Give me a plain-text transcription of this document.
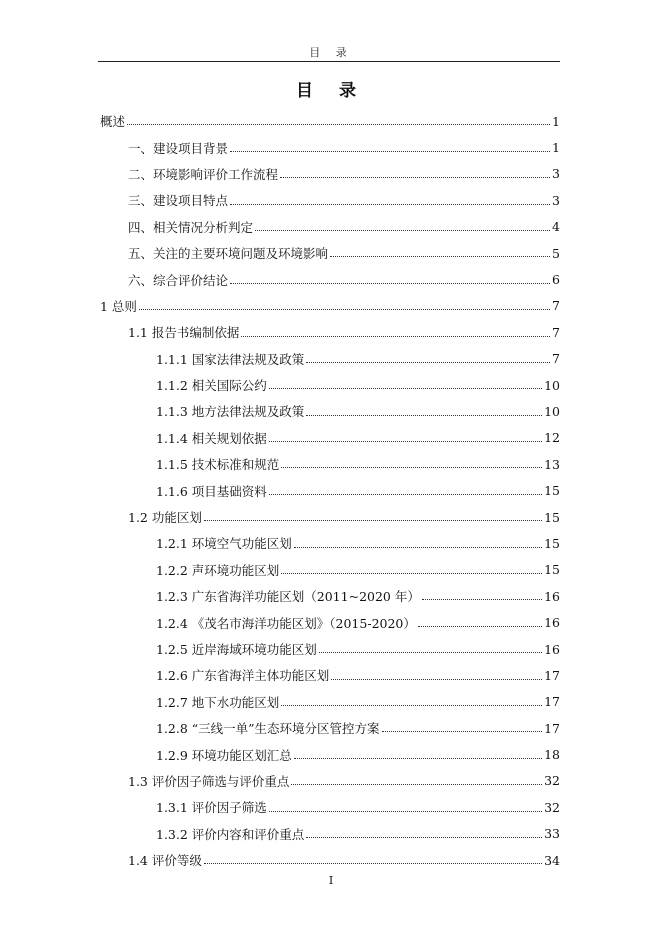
目 录
目 录
概述	1
一、建设项目背景	1
二、环境影响评价工作流程	3
三、建设项目特点	3
四、相关情况分析判定	4
五、关注的主要环境问题及环境影响	5
六、综合评价结论	6
1 总则	7
1.1 报告书编制依据	7
1.1.1 国家法律法规及政策	7
1.1.2 相关国际公约	10
1.1.3 地方法律法规及政策	10
1.1.4 相关规划依据	12
1.1.5 技术标准和规范	13
1.1.6 项目基础资料	15
1.2 功能区划	15
1.2.1 环境空气功能区划	15
1.2.2 声环境功能区划	15
1.2.3 广东省海洋功能区划（2011~2020 年）	16
1.2.4 《茂名市海洋功能区划》（2015-2020）	16
1.2.5 近岸海域环境功能区划	16
1.2.6 广东省海洋主体功能区划	17
1.2.7 地下水功能区划	17
1.2.8 “三线一单”生态环境分区管控方案	17
1.2.9 环境功能区划汇总	18
1.3 评价因子筛选与评价重点	32
1.3.1 评价因子筛选	32
1.3.2 评价内容和评价重点	33
1.4 评价等级	34
I
